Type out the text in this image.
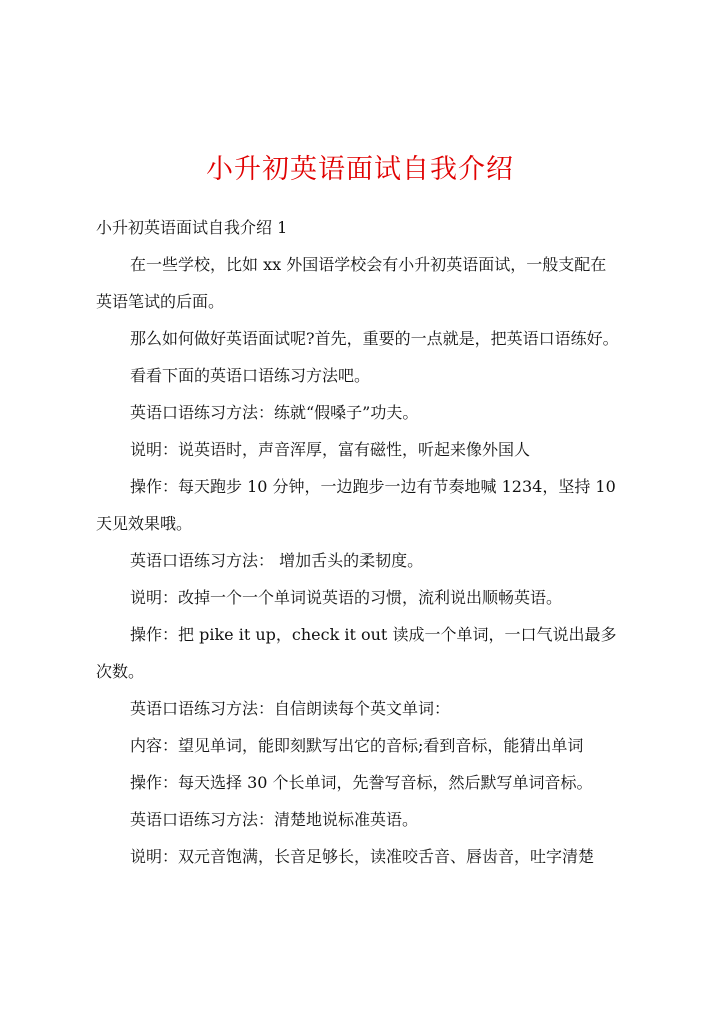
小升初英语面试自我介绍
小升初英语面试自我介绍 1
在一些学校，比如 xx 外国语学校会有小升初英语面试，一般支配在
英语笔试的后面。
那么如何做好英语面试呢?首先，重要的一点就是，把英语口语练好。
看看下面的英语口语练习方法吧。
英语口语练习方法：练就“假嗓子”功夫。
说明：说英语时，声音浑厚，富有磁性，听起来像外国人
操作：每天跑步 10 分钟，一边跑步一边有节奏地喊 1234，坚持 10
天见效果哦。
英语口语练习方法： 增加舌头的柔韧度。
说明：改掉一个一个单词说英语的习惯，流利说出顺畅英语。
操作：把 pike it up，check it out 读成一个单词，一口气说出最多
次数。
英语口语练习方法：自信朗读每个英文单词：
内容：望见单词，能即刻默写出它的音标;看到音标，能猜出单词
操作：每天选择 30 个长单词，先誊写音标，然后默写单词音标。
英语口语练习方法：清楚地说标准英语。
说明：双元音饱满，长音足够长，读准咬舌音、唇齿音，吐字清楚
